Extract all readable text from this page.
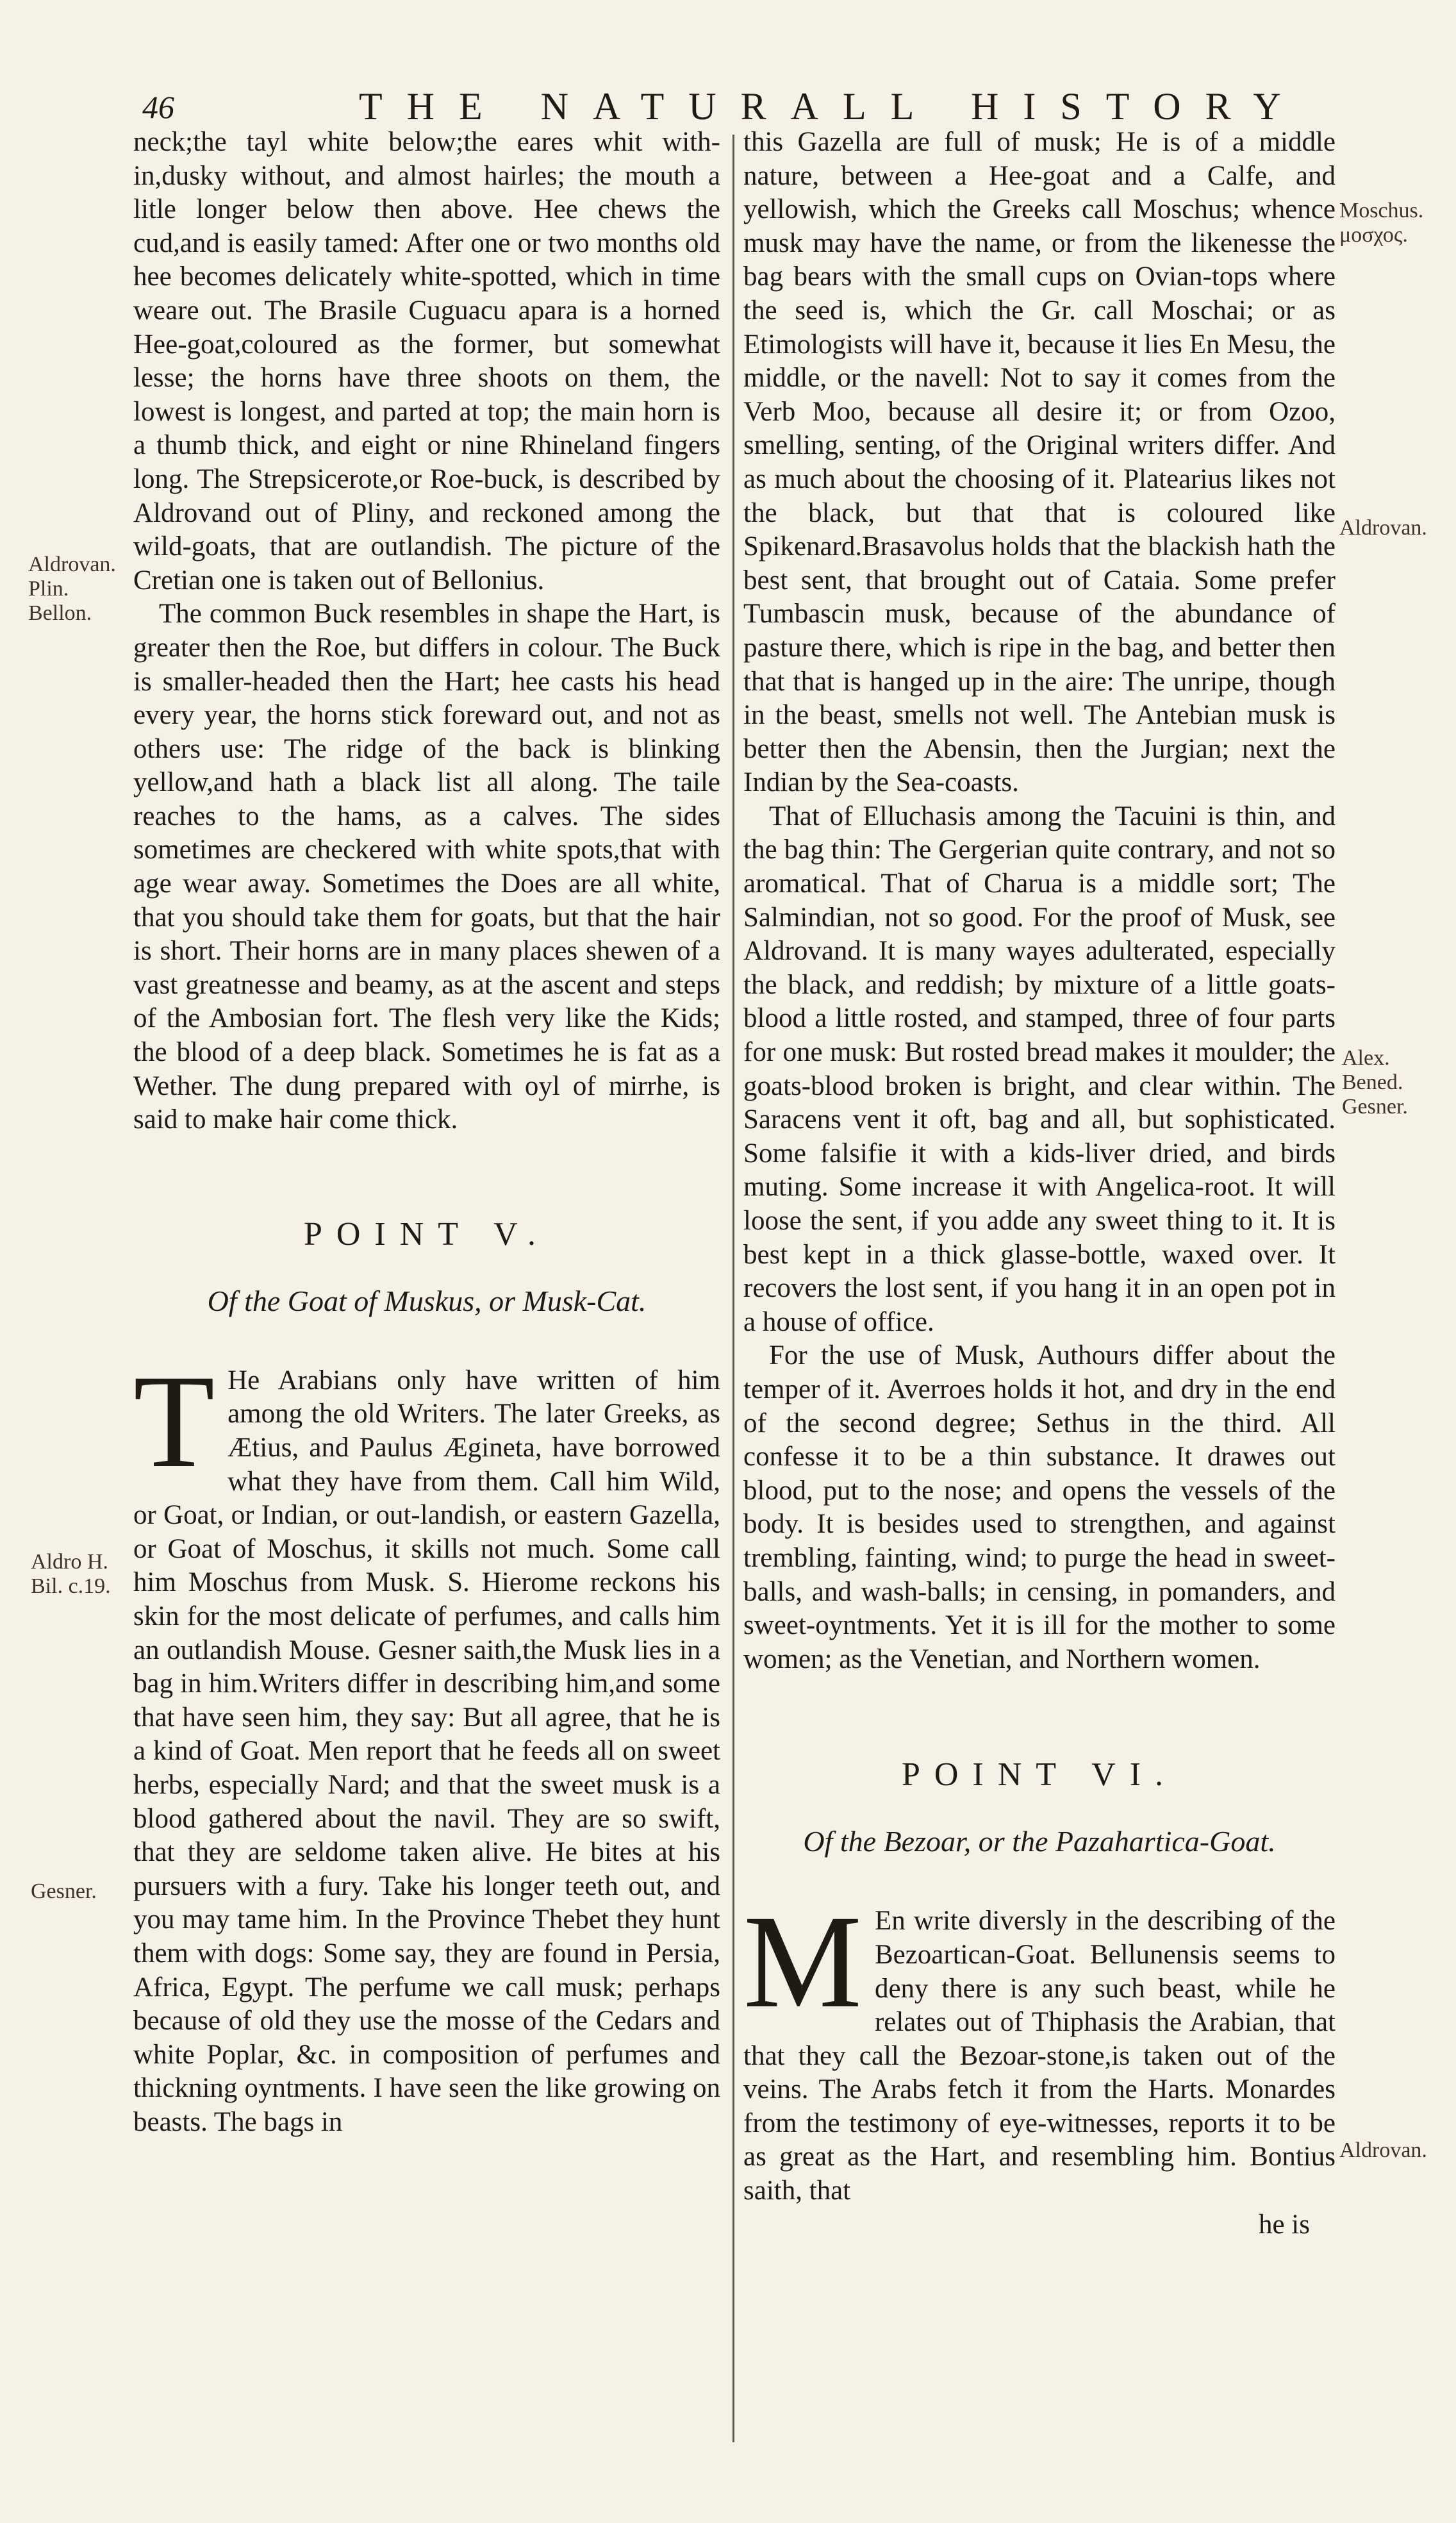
46	THE NATURALL HISTORY

neck;the tayl white below;the eares whit with-in,dusky without, and almost hairles; the mouth a litle longer below then above. Hee chews the cud,and is easily tamed: After one or two months old hee becomes delicately white-spotted, which in time weare out. The Brasile Cuguacu apara is a horned Hee-goat,coloured as the former, but somewhat lesse; the horns have three shoots on them, the lowest is longest, and parted at top; the main horn is a thumb thick, and eight or nine Rhineland fingers long. The Strepsicerote,or Roe-buck, is described by Aldrovand out of Pliny, and reckoned among the wild-goats, that are outlandish. The picture of the Cretian one is taken out of Bellonius.

The common Buck resembles in shape the Hart, is greater then the Roe, but differs in colour. The Buck is smaller-headed then the Hart; hee casts his head every year, the horns stick foreward out, and not as others use: The ridge of the back is blinking yellow,and hath a black list all along. The taile reaches to the hams, as a calves. The sides sometimes are checkered with white spots,that with age wear away. Sometimes the Does are all white, that you should take them for goats, but that the hair is short. Their horns are in many places shewen of a vast greatnesse and beamy, as at the ascent and steps of the Ambosian fort. The flesh very like the Kids; the blood of a deep black. Sometimes he is fat as a Wether. The dung prepared with oyl of mirrhe, is said to make hair come thick.

POINT V.
Of the Goat of Muskus, or Musk-Cat.

T He Arabians only have written of him among the old Writers. The later Greeks, as Ætius, and Paulus Ægineta, have borrowed what they have from them. Call him Wild, or Goat, or Indian, or out-landish, or eastern Gazella, or Goat of Moschus, it skills not much. Some call him Moschus from Musk. S. Hierome reckons his skin for the most delicate of perfumes, and calls him an outlandish Mouse. Gesner saith,the Musk lies in a bag in him.Writers differ in describing him,and some that have seen him, they say: But all agree, that he is a kind of Goat. Men report that he feeds all on sweet herbs, especially Nard; and that the sweet musk is a blood gathered about the navil. They are so swift, that they are seldome taken alive. He bites at his pursuers with a fury. Take his longer teeth out, and you may tame him. In the Province Thebet they hunt them with dogs: Some say, they are found in Persia, Africa, Egypt. The perfume we call musk; perhaps because of old they use the mosse of the Cedars and white Poplar, &c. in composition of perfumes and thickning oyntments. I have seen the like growing on beasts. The bags in

this Gazella are full of musk; He is of a middle nature, between a Hee-goat and a Calfe, and yellowish, which the Greeks call Moschus; whence musk may have the name, or from the likenesse the bag bears with the small cups on Ovian-tops where the seed is, which the Gr. call Moschai; or as Etimologists will have it, because it lies En Mesu, the middle, or the navell: Not to say it comes from the Verb Moo, because all desire it; or from Ozoo, smelling, senting, of the Original writers differ. And as much about the choosing of it. Platearius likes not the black, but that that is coloured like Spikenard.Brasavolus holds that the blackish hath the best sent, that brought out of Cataia. Some prefer Tumbascin musk, because of the abundance of pasture there, which is ripe in the bag, and better then that that is hanged up in the aire: The unripe, though in the beast, smells not well. The Antebian musk is better then the Abensin, then the Jurgian; next the Indian by the Sea-coasts.

That of Elluchasis among the Tacuini is thin, and the bag thin: The Gergerian quite contrary, and not so aromatical. That of Charua is a middle sort; The Salmindian, not so good. For the proof of Musk, see Aldrovand. It is many wayes adulterated, especially the black, and reddish; by mixture of a little goats-blood a little rosted, and stamped, three of four parts for one musk: But rosted bread makes it moulder; the goats-blood broken is bright, and clear within. The Saracens vent it oft, bag and all, but sophisticated. Some falsifie it with a kids-liver dried, and birds muting. Some increase it with Angelica-root. It will loose the sent, if you adde any sweet thing to it. It is best kept in a thick glasse-bottle, waxed over. It recovers the lost sent, if you hang it in an open pot in a house of office.

For the use of Musk, Authours differ about the temper of it. Averroes holds it hot, and dry in the end of the second degree; Sethus in the third. All confesse it to be a thin substance. It drawes out blood, put to the nose; and opens the vessels of the body. It is besides used to strengthen, and against trembling, fainting, wind; to purge the head in sweet-balls, and wash-balls; in censing, in pomanders, and sweet-oyntments. Yet it is ill for the mother to some women; as the Venetian, and Northern women.

POINT VI.
Of the Bezoar, or the Pazahartica-Goat.

M En write diversly in the describing of the Bezoartican-Goat. Bellunensis seems to deny there is any such beast, while he relates out of Thiphasis the Arabian, that that they call the Bezoar-stone,is taken out of the veins. The Arabs fetch it from the Harts. Monardes from the testimony of eye-witnesses, reports it to be as great as the Hart, and resembling him. Bontius saith, that

he is

Aldrovan.
Plin.
Bellon.
Aldro H.
Bil. c.19.
Gesner.
Moschus.
μοσχος.
Aldrovan.
Alex.
Bened.
Gesner.
Aldrovan.
